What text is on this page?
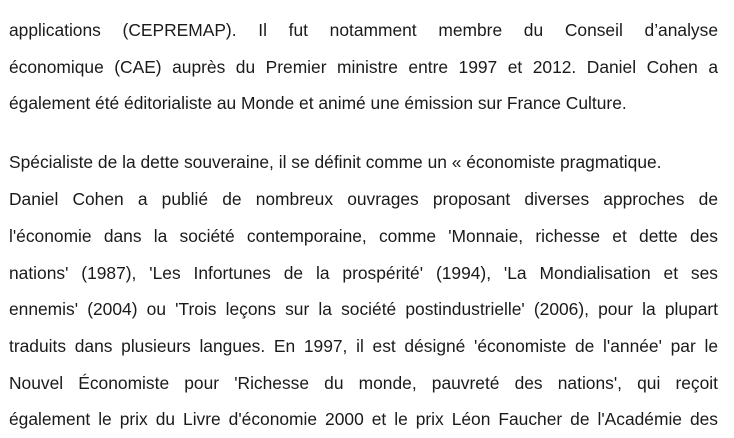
applications (CEPREMAP). Il fut notamment membre du Conseil d’analyse
économique (CAE) auprès du Premier ministre entre 1997 et 2012. Daniel Cohen a
également été éditorialiste au Monde et animé une émission sur France Culture.
Spécialiste de la dette souveraine, il se définit comme un « économiste pragmatique.
Daniel Cohen a publié de nombreux ouvrages proposant diverses approches de
l'économie dans la société contemporaine, comme 'Monnaie, richesse et dette des
nations' (1987), 'Les Infortunes de la prospérité' (1994), 'La Mondialisation et ses
ennemis' (2004) ou 'Trois leçons sur la société postindustrielle' (2006), pour la plupart
traduits dans plusieurs langues. En 1997, il est désigné 'économiste de l'année' par le
Nouvel Économiste pour 'Richesse du monde, pauvreté des nations', qui reçoit
également le prix du Livre d'économie 2000 et le prix Léon Faucher de l'Académie des
